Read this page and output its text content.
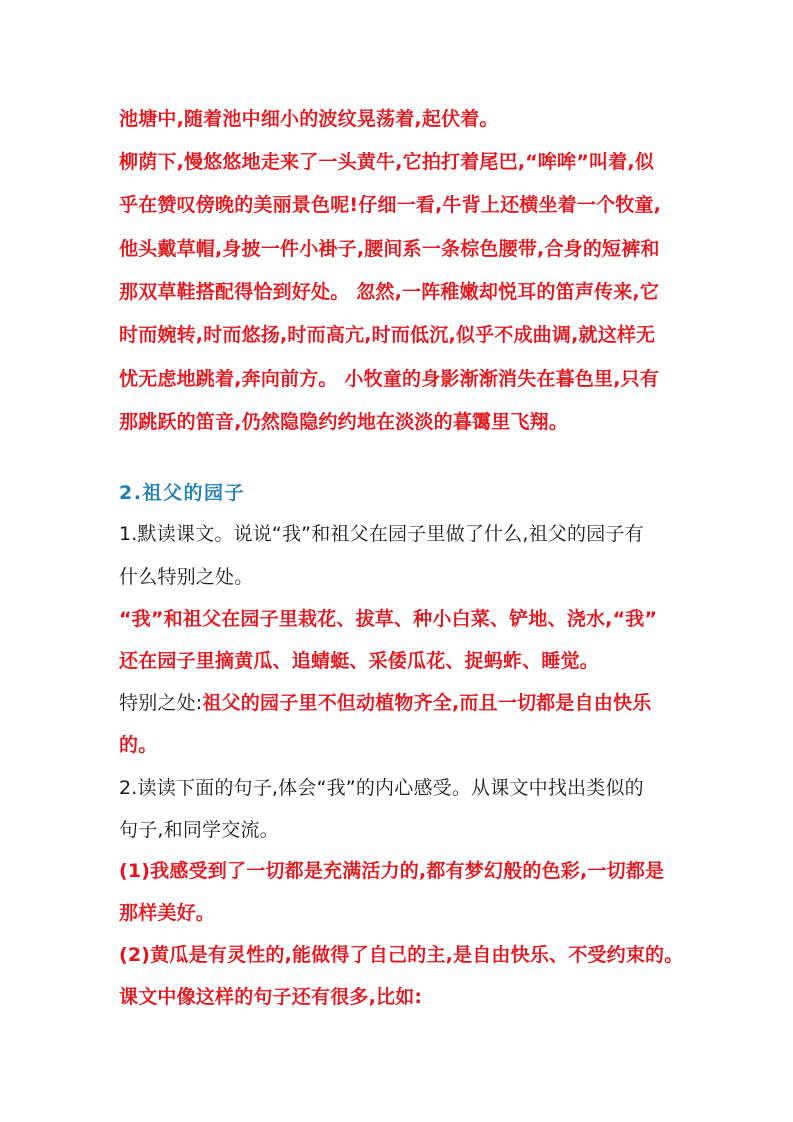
池塘中,随着池中细小的波纹晃荡着,起伏着。
柳荫下,慢悠悠地走来了一头黄牛,它拍打着尾巴,“哞哞”叫着,似
乎在赞叹傍晚的美丽景色呢!仔细一看,牛背上还横坐着一个牧童,
他头戴草帽,身披一件小褂子,腰间系一条棕色腰带,合身的短裤和
那双草鞋搭配得恰到好处。 忽然,一阵稚嫩却悦耳的笛声传来,它
时而婉转,时而悠扬,时而高亢,时而低沉,似乎不成曲调,就这样无
忧无虑地跳着,奔向前方。 小牧童的身影渐渐消失在暮色里,只有
那跳跃的笛音,仍然隐隐约约地在淡淡的暮霭里飞翔。
2.祖父的园子
1.默读课文。说说“我”和祖父在园子里做了什么,祖父的园子有
什么特别之处。
“我”和祖父在园子里栽花、拔草、种小白菜、铲地、浇水,“我”
还在园子里摘黄瓜、追蜻蜓、采倭瓜花、捉蚂蚱、睡觉。
特别之处:祖父的园子里不但动植物齐全,而且一切都是自由快乐
的。
2.读读下面的句子,体会“我”的内心感受。从课文中找出类似的
句子,和同学交流。
(1)我感受到了一切都是充满活力的,都有梦幻般的色彩,一切都是
那样美好。
(2)黄瓜是有灵性的,能做得了自己的主,是自由快乐、不受约束的。
课文中像这样的句子还有很多,比如:
